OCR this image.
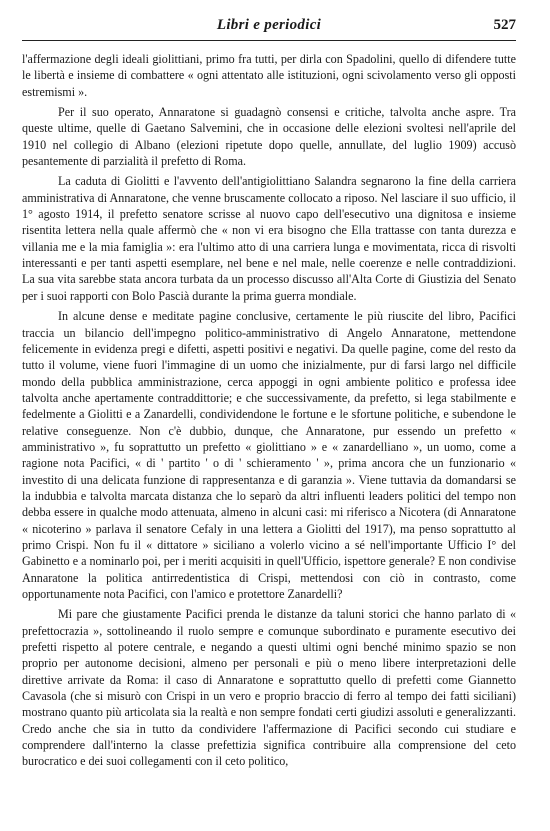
Libri e periodici	527

l'affermazione degli ideali giolittiani, primo fra tutti, per dirla con Spadolini, quello di difendere tutte le libertà e insieme di combattere « ogni attentato alle istituzioni, ogni scivolamento verso gli opposti estremismi ».

Per il suo operato, Annaratone si guadagnò consensi e critiche, talvolta anche aspre. Tra queste ultime, quelle di Gaetano Salvemini, che in occasione delle elezioni svoltesi nell'aprile del 1910 nel collegio di Albano (elezioni ripetute dopo quelle, annullate, del luglio 1909) accusò pesantemente di parzialità il prefetto di Roma.

La caduta di Giolitti e l'avvento dell'antigiolittiano Salandra segnarono la fine della carriera amministrativa di Annaratone, che venne bruscamente collocato a riposo. Nel lasciare il suo ufficio, il 1° agosto 1914, il prefetto senatore scrisse al nuovo capo dell'esecutivo una dignitosa e insieme risentita lettera nella quale affermò che « non vi era bisogno che Ella trattasse con tanta durezza e villania me e la mia famiglia »: era l'ultimo atto di una carriera lunga e movimentata, ricca di risvolti interessanti e per tanti aspetti esemplare, nel bene e nel male, nelle coerenze e nelle contraddizioni. La sua vita sarebbe stata ancora turbata da un processo discusso all'Alta Corte di Giustizia del Senato per i suoi rapporti con Bolo Pascià durante la prima guerra mondiale.

In alcune dense e meditate pagine conclusive, certamente le più riuscite del libro, Pacifici traccia un bilancio dell'impegno politico-amministrativo di Angelo Annaratone, mettendone felicemente in evidenza pregi e difetti, aspetti positivi e negativi. Da quelle pagine, come del resto da tutto il volume, viene fuori l'immagine di un uomo che inizialmente, pur di farsi largo nel difficile mondo della pubblica amministrazione, cerca appoggi in ogni ambiente politico e professa idee talvolta anche apertamente contraddittorie; e che successivamente, da prefetto, si lega stabilmente e fedelmente a Giolitti e a Zanardelli, condividendone le fortune e le sfortune politiche, e subendone le relative conseguenze. Non c'è dubbio, dunque, che Annaratone, pur essendo un prefetto « amministrativo », fu soprattutto un prefetto « giolittiano » e « zanardelliano », un uomo, come a ragione nota Pacifici, « di ' partito ' o di ' schieramento ' », prima ancora che un funzionario « investito di una delicata funzione di rappresentanza e di garanzia ». Viene tuttavia da domandarsi se la indubbia e talvolta marcata distanza che lo separò da altri influenti leaders politici del tempo non debba essere in qualche modo attenuata, almeno in alcuni casi: mi riferisco a Nicotera (di Annaratone « nicoterino » parlava il senatore Cefaly in una lettera a Giolitti del 1917), ma penso soprattutto al primo Crispi. Non fu il « dittatore » siciliano a volerlo vicino a sé nell'importante Ufficio I° del Gabinetto e a nominarlo poi, per i meriti acquisiti in quell'Ufficio, ispettore generale? E non condivise Annaratone la politica antirredentistica di Crispi, mettendosi con ciò in contrasto, come opportunamente nota Pacifici, con l'amico e protettore Zanardelli?

Mi pare che giustamente Pacifici prenda le distanze da taluni storici che hanno parlato di « prefettocrazia », sottolineando il ruolo sempre e comunque subordinato e puramente esecutivo dei prefetti rispetto al potere centrale, e negando a questi ultimi ogni benché minimo spazio se non proprio per autonome decisioni, almeno per personali e più o meno libere interpretazioni delle direttive arrivate da Roma: il caso di Annaratone e soprattutto quello di prefetti come Giannetto Cavasola (che si misurò con Crispi in un vero e proprio braccio di ferro al tempo dei fatti siciliani) mostrano quanto più articolata sia la realtà e non sempre fondati certi giudizi assoluti e generalizzanti. Credo anche che sia in tutto da condividere l'affermazione di Pacifici secondo cui studiare e comprendere dall'interno la classe prefettizia significa contribuire alla comprensione del ceto burocratico e dei suoi collegamenti con il ceto politico,
